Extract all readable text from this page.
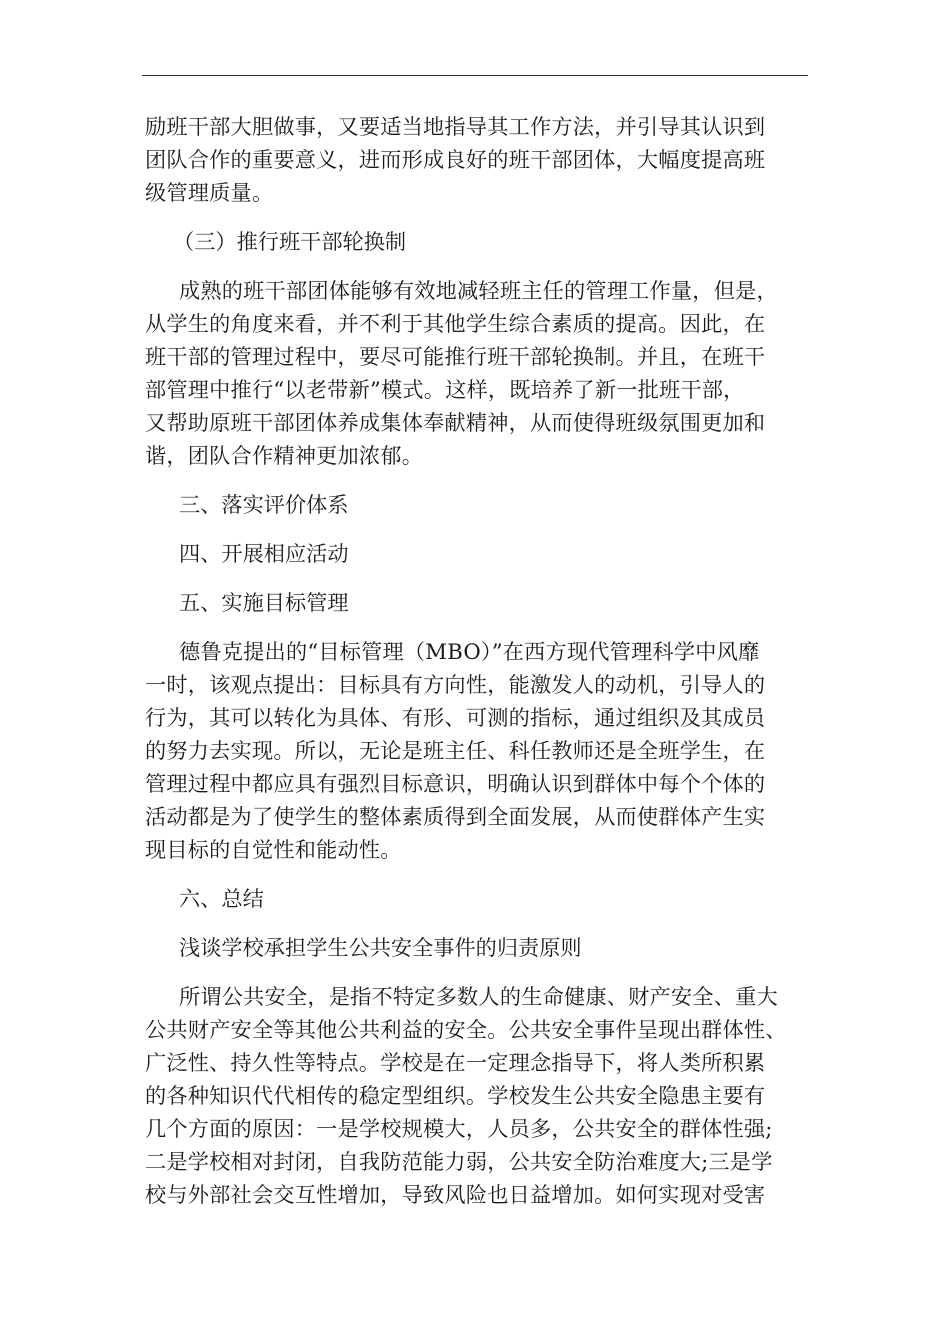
励班干部大胆做事，又要适当地指导其工作方法，并引导其认识到
团队合作的重要意义，进而形成良好的班干部团体，大幅度提高班
级管理质量。
（三）推行班干部轮换制
成熟的班干部团体能够有效地减轻班主任的管理工作量，但是，
从学生的角度来看，并不利于其他学生综合素质的提高。因此，在
班干部的管理过程中，要尽可能推行班干部轮换制。并且，在班干
部管理中推行“以老带新”模式。这样，既培养了新一批班干部，
又帮助原班干部团体养成集体奉献精神，从而使得班级氛围更加和
谐，团队合作精神更加浓郁。
三、落实评价体系
四、开展相应活动
五、实施目标管理
德鲁克提出的“目标管理（MBO）”在西方现代管理科学中风靡
一时，该观点提出：目标具有方向性，能激发人的动机，引导人的
行为，其可以转化为具体、有形、可测的指标，通过组织及其成员
的努力去实现。所以，无论是班主任、科任教师还是全班学生，在
管理过程中都应具有强烈目标意识，明确认识到群体中每个个体的
活动都是为了使学生的整体素质得到全面发展，从而使群体产生实
现目标的自觉性和能动性。
六、总结
浅谈学校承担学生公共安全事件的归责原则
所谓公共安全，是指不特定多数人的生命健康、财产安全、重大
公共财产安全等其他公共利益的安全。公共安全事件呈现出群体性、
广泛性、持久性等特点。学校是在一定理念指导下，将人类所积累
的各种知识代代相传的稳定型组织。学校发生公共安全隐患主要有
几个方面的原因：一是学校规模大，人员多，公共安全的群体性强;
二是学校相对封闭，自我防范能力弱，公共安全防治难度大;三是学
校与外部社会交互性增加，导致风险也日益增加。如何实现对受害
